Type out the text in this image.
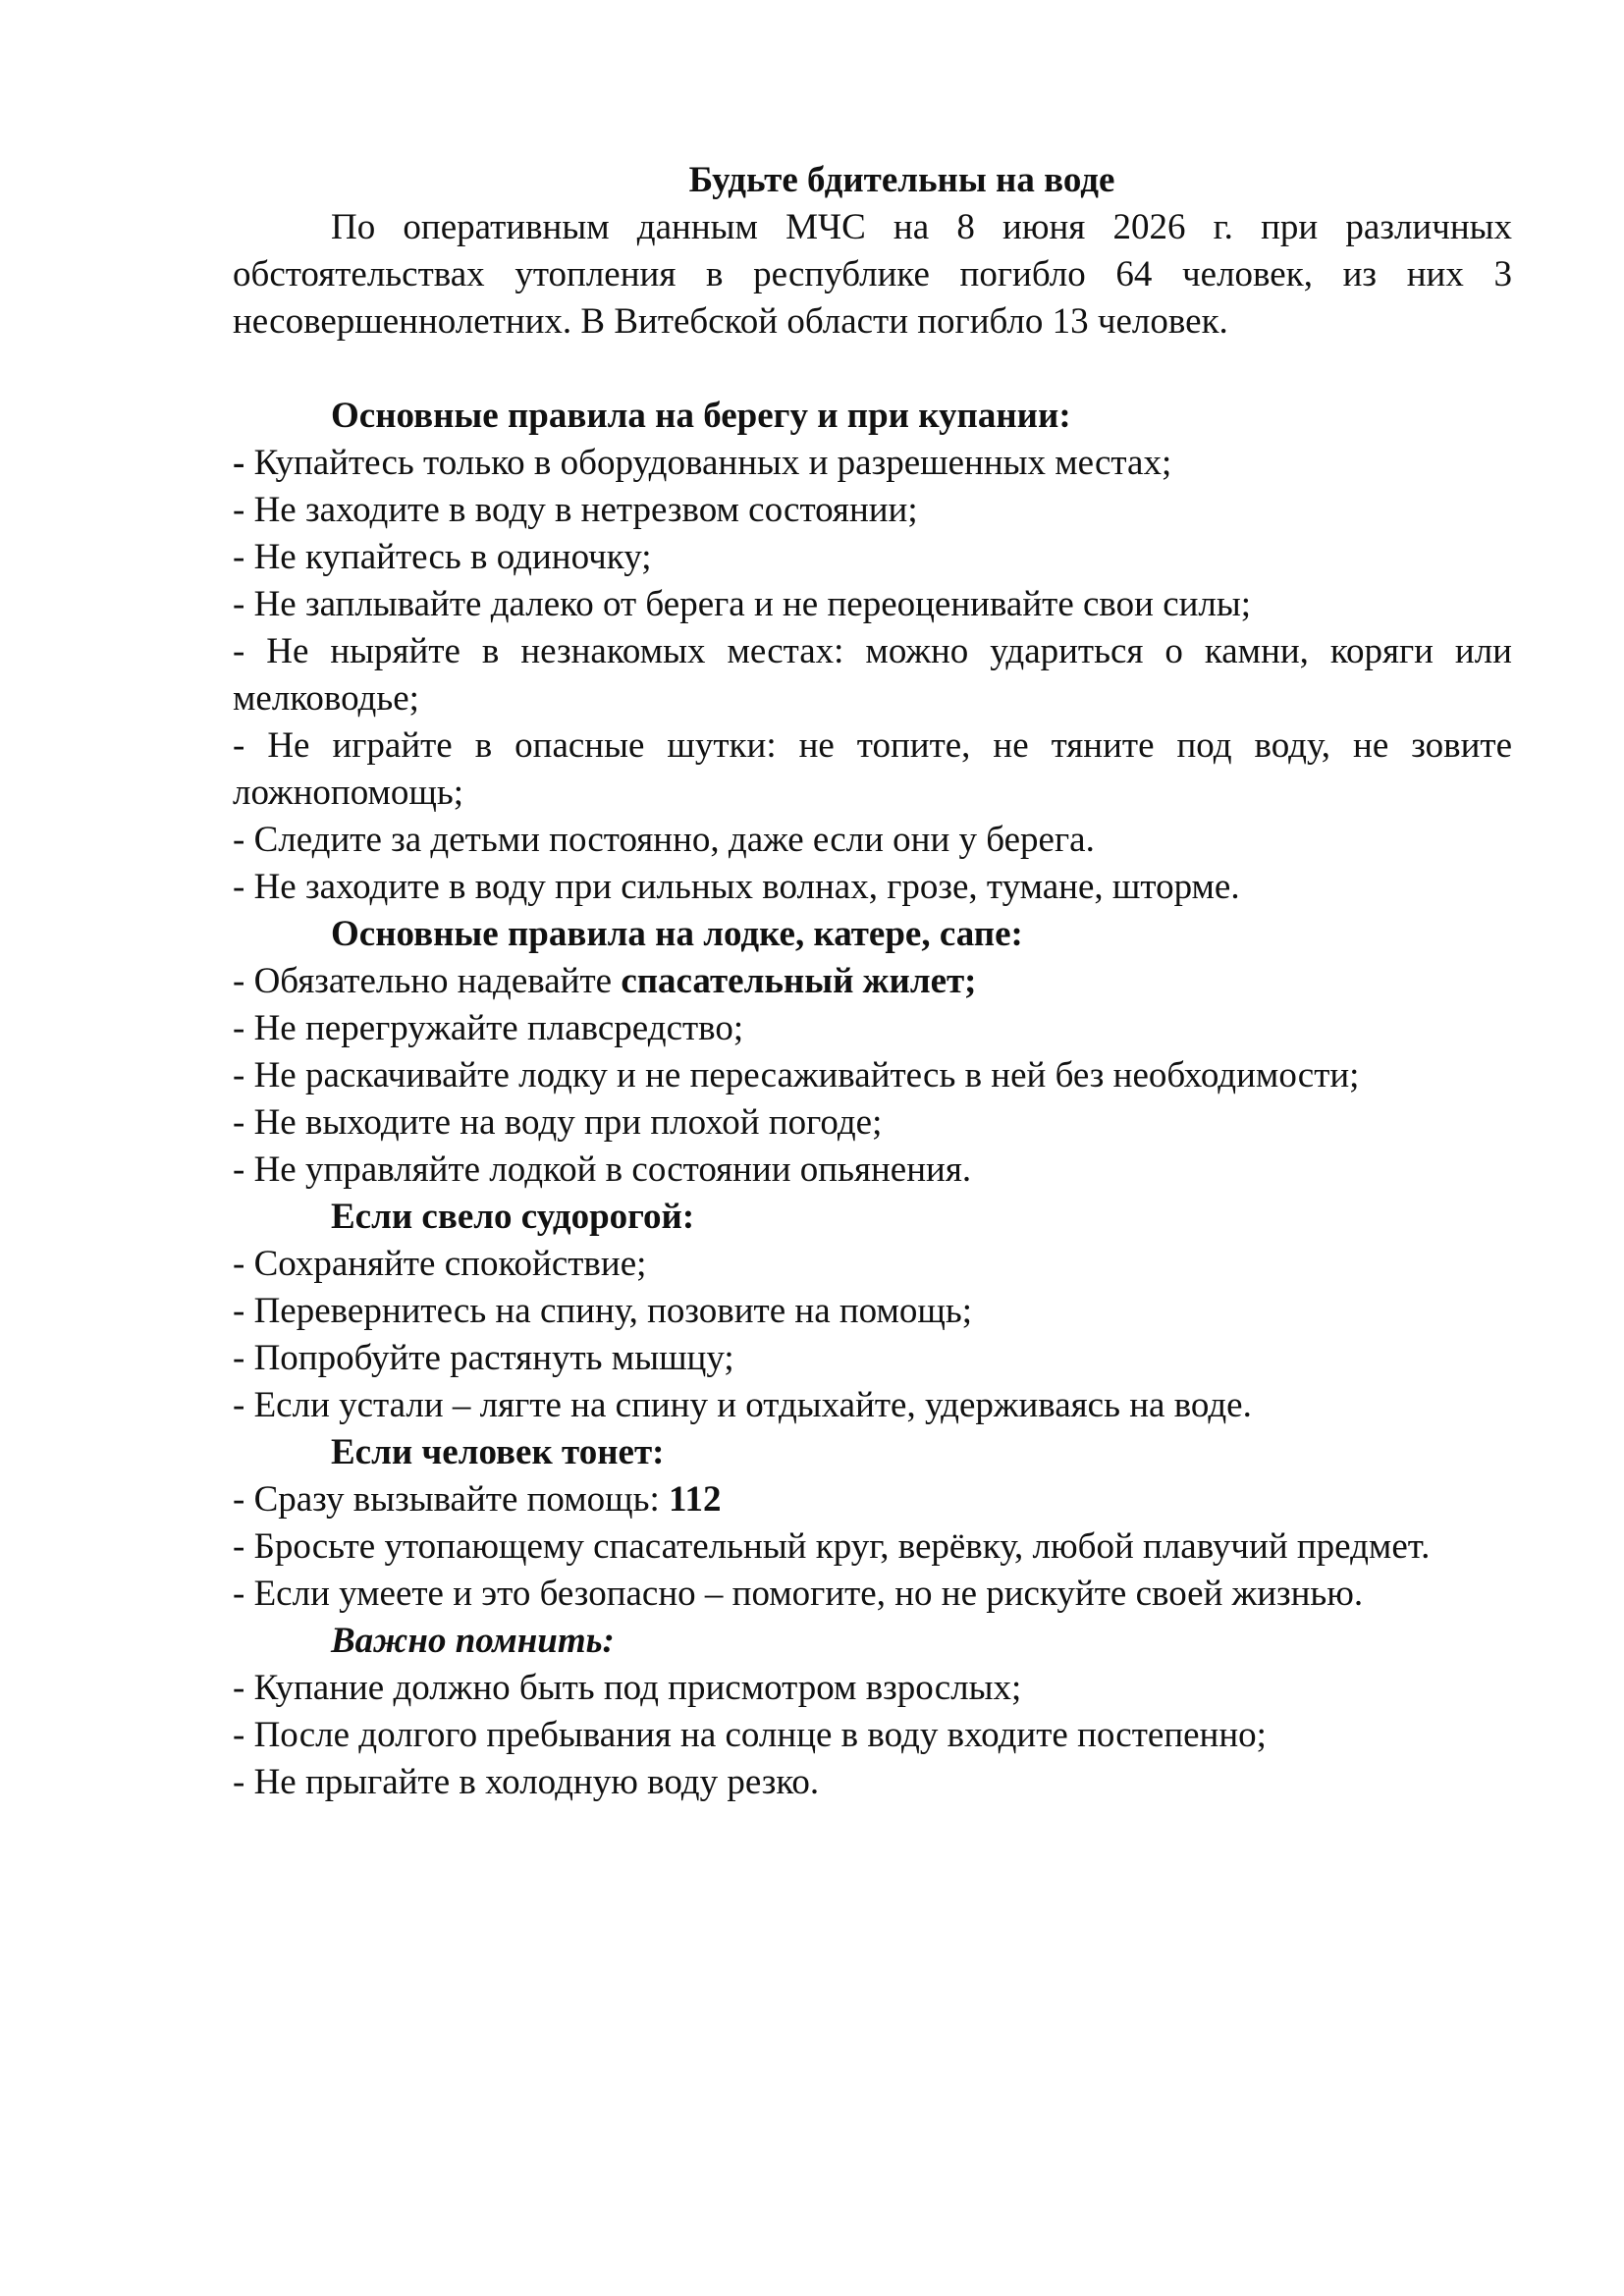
Будьте бдительны на воде

По оперативным данным МЧС на 8 июня 2026 г. при различных обстоятельствах утопления в республике погибло 64 человек, из них 3 несовершеннолетних. В Витебской области погибло 13 человек.

Основные правила на берегу и при купании:

- Купайтесь только в оборудованных и разрешенных местах;

- Не заходите в воду в нетрезвом состоянии;

- Не купайтесь в одиночку;

- Не заплывайте далеко от берега и не переоценивайте свои силы;

- Не ныряйте в незнакомых местах: можно удариться о камни, коряги или мелководье;

- Не играйте в опасные шутки: не топите, не тяните под воду, не зовите ложнопомощь;

- Следите за детьми постоянно, даже если они у берега.

- Не заходите в воду при сильных волнах, грозе, тумане, шторме.

Основные правила на лодке, катере, сапе:

- Обязательно надевайте спасательный жилет;

- Не перегружайте плавсредство;

- Не раскачивайте лодку и не пересаживайтесь в ней без необходимости;

- Не выходите на воду при плохой погоде;

- Не управляйте лодкой в состоянии опьянения.

Если свело судорогой:

- Сохраняйте спокойствие;

- Перевернитесь на спину, позовите на помощь;

- Попробуйте растянуть мышцу;

- Если устали – лягте на спину и отдыхайте, удерживаясь на воде.

Если человек тонет:

- Сразу вызывайте помощь: 112

- Бросьте утопающему спасательный круг, верёвку, любой плавучий предмет.

- Если умеете и это безопасно – помогите, но не рискуйте своей жизнью.

Важно помнить:

- Купание должно быть под присмотром взрослых;

- После долгого пребывания на солнце в воду входите постепенно;

- Не прыгайте в холодную воду резко.
